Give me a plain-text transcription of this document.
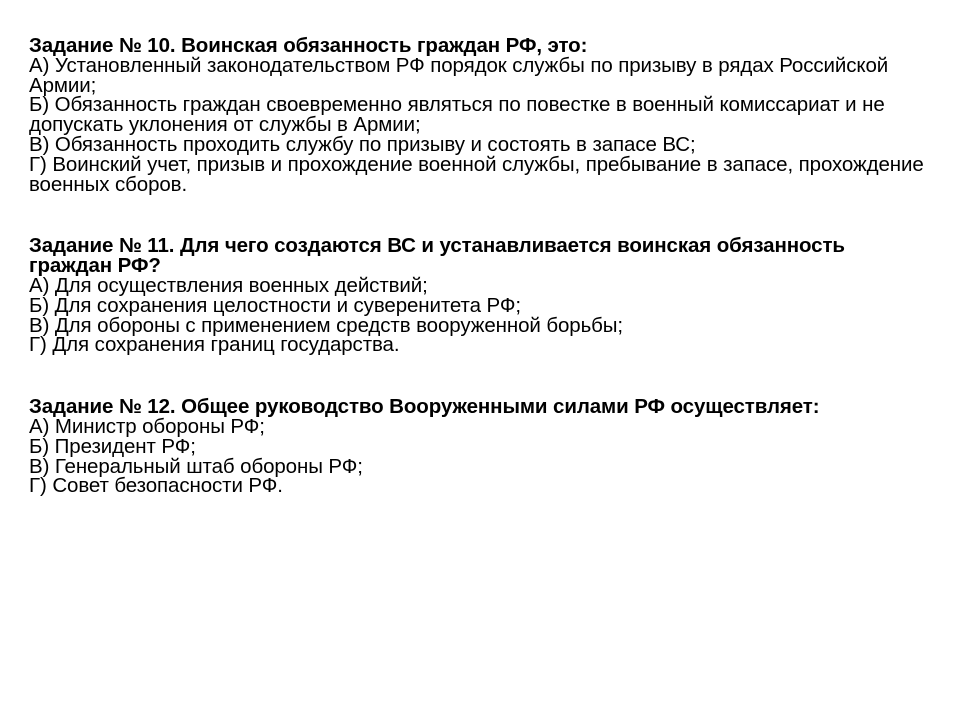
Задание № 10. Воинская обязанность граждан РФ, это:

А) Установленный законодательством РФ порядок службы по призыву в рядах Российской Армии;

Б) Обязанность граждан своевременно являться по повестке в военный комиссариат и не допускать уклонения от службы в Армии;

В) Обязанность проходить службу по призыву и состоять в запасе ВС;

Г) Воинский учет, призыв и прохождение военной службы, пребывание в запасе, прохождение военных сборов.

Задание № 11. Для чего создаются ВС и устанавливается воинская обязанность граждан РФ?

А) Для осуществления военных действий;

Б) Для сохранения целостности и суверенитета РФ;

В) Для обороны с применением средств вооруженной борьбы;

Г) Для сохранения границ государства.

Задание № 12. Общее руководство Вооруженными силами РФ осуществляет:

А) Министр обороны РФ;

Б) Президент РФ;

В) Генеральный штаб обороны РФ;

Г) Совет безопасности РФ.
